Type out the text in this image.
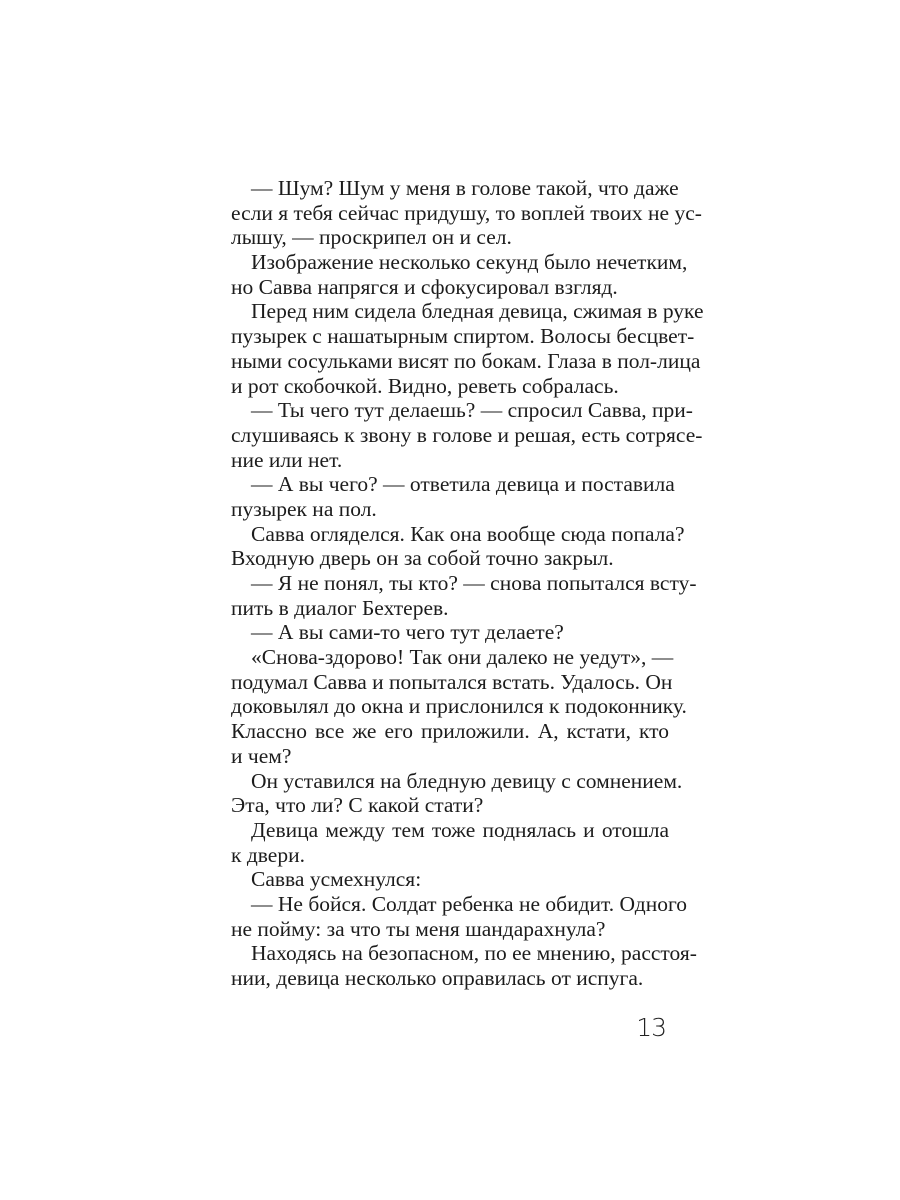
— Шум? Шум у меня в голове такой, что даже
если я тебя сейчас придушу, то воплей твоих не ус-
лышу, — проскрипел он и сел.
Изображение несколько секунд было нечетким,
но Савва напрягся и сфокусировал взгляд.
Перед ним сидела бледная девица, сжимая в руке
пузырек с нашатырным спиртом. Волосы бесцвет-
ными сосульками висят по бокам. Глаза в пол-лица
и рот скобочкой. Видно, реветь собралась.
— Ты чего тут делаешь? — спросил Савва, при-
слушиваясь к звону в голове и решая, есть сотрясе-
ние или нет.
— А вы чего? — ответила девица и поставила
пузырек на пол.
Савва огляделся. Как она вообще сюда попала?
Входную дверь он за собой точно закрыл.
— Я не понял, ты кто? — снова попытался всту-
пить в диалог Бехтерев.
— А вы сами-то чего тут делаете?
«Снова-здорово! Так они далеко не уедут», —
подумал Савва и попытался встать. Удалось. Он
доковылял до окна и прислонился к подоконнику.
Классно все же его приложили. А, кстати, кто
и чем?
Он уставился на бледную девицу с сомнением.
Эта, что ли? С какой стати?
Девица между тем тоже поднялась и отошла
к двери.
Савва усмехнулся:
— Не бойся. Солдат ребенка не обидит. Одного
не пойму: за что ты меня шандарахнула?
Находясь на безопасном, по ее мнению, расстоя-
нии, девица несколько оправилась от испуга.
13
